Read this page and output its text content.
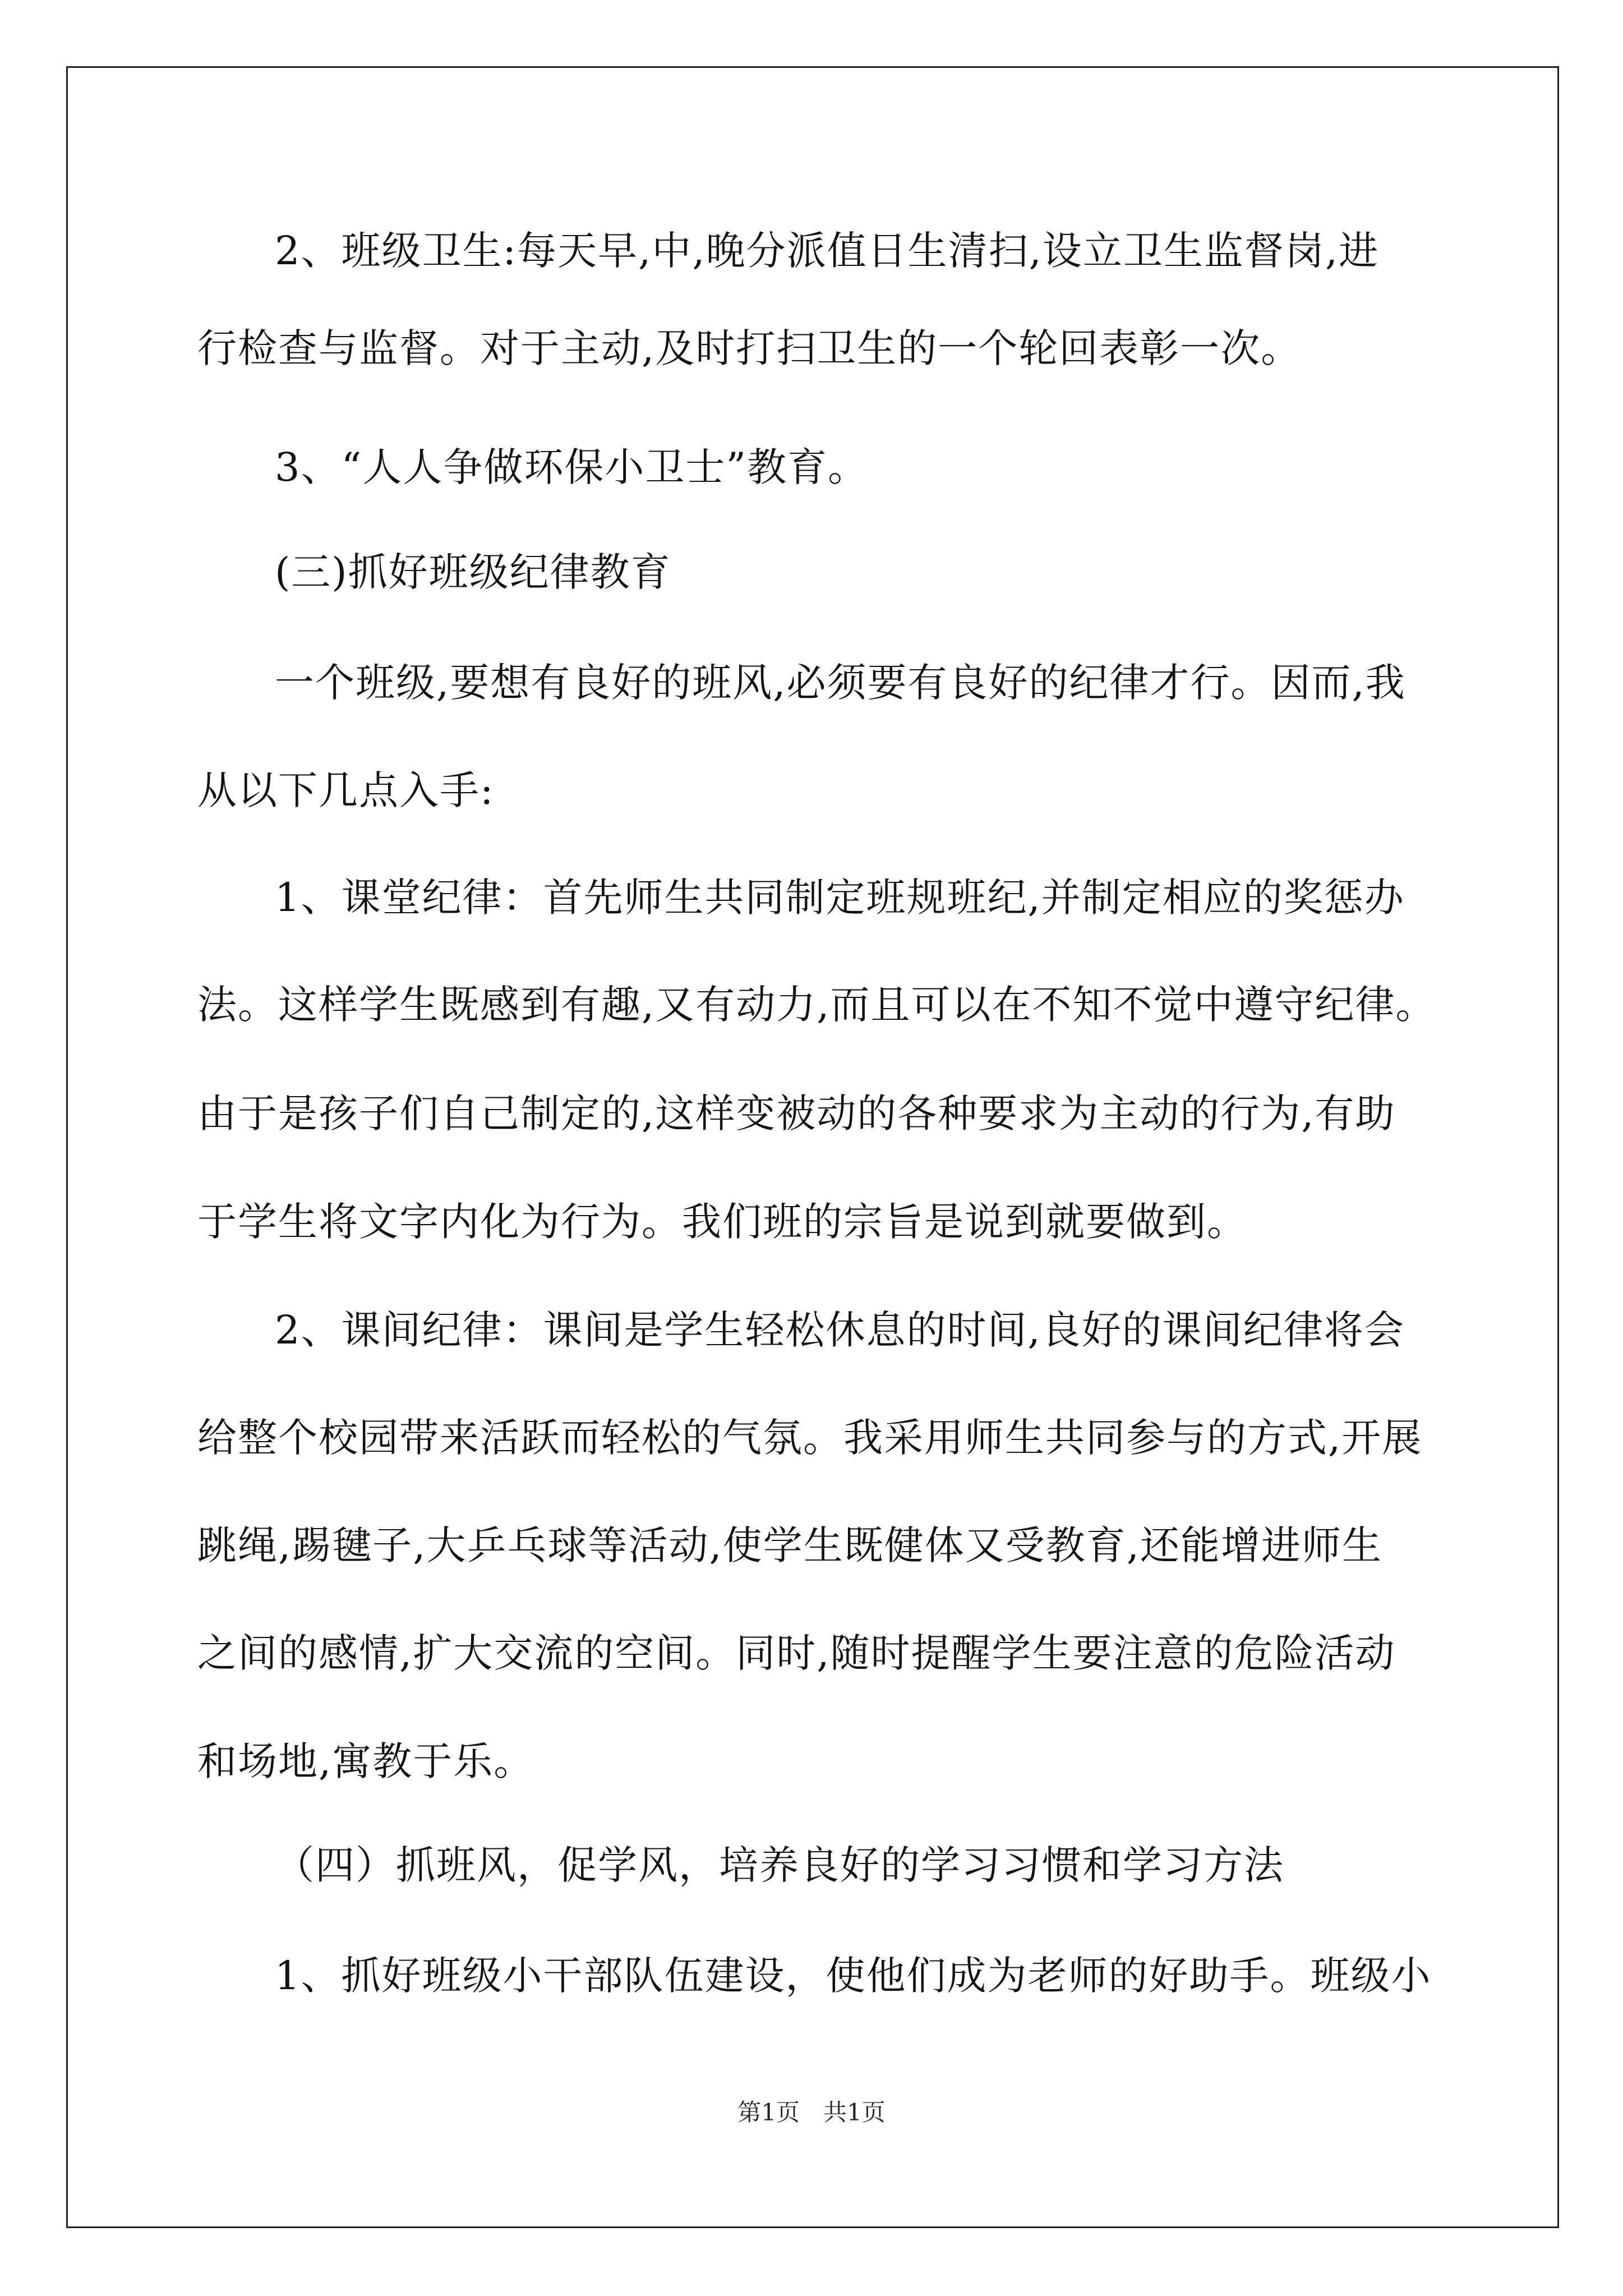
2、班级卫生:每天早,中,晚分派值日生清扫,设立卫生监督岗,进
行检查与监督。对于主动,及时打扫卫生的一个轮回表彰一次。
3、“人人争做环保小卫士”教育。
(三)抓好班级纪律教育
一个班级,要想有良好的班风,必须要有良好的纪律才行。因而,我
从以下几点入手:
1、课堂纪律：首先师生共同制定班规班纪,并制定相应的奖惩办
法。这样学生既感到有趣,又有动力,而且可以在不知不觉中遵守纪律。
由于是孩子们自己制定的,这样变被动的各种要求为主动的行为,有助
于学生将文字内化为行为。我们班的宗旨是说到就要做到。
2、课间纪律：课间是学生轻松休息的时间,良好的课间纪律将会
给整个校园带来活跃而轻松的气氛。我采用师生共同参与的方式,开展
跳绳,踢毽子,大乒乓球等活动,使学生既健体又受教育,还能增进师生
之间的感情,扩大交流的空间。同时,随时提醒学生要注意的危险活动
和场地,寓教于乐。
（四）抓班风，促学风，培养良好的学习习惯和学习方法
1、抓好班级小干部队伍建设，使他们成为老师的好助手。班级小
第1页　共1页
